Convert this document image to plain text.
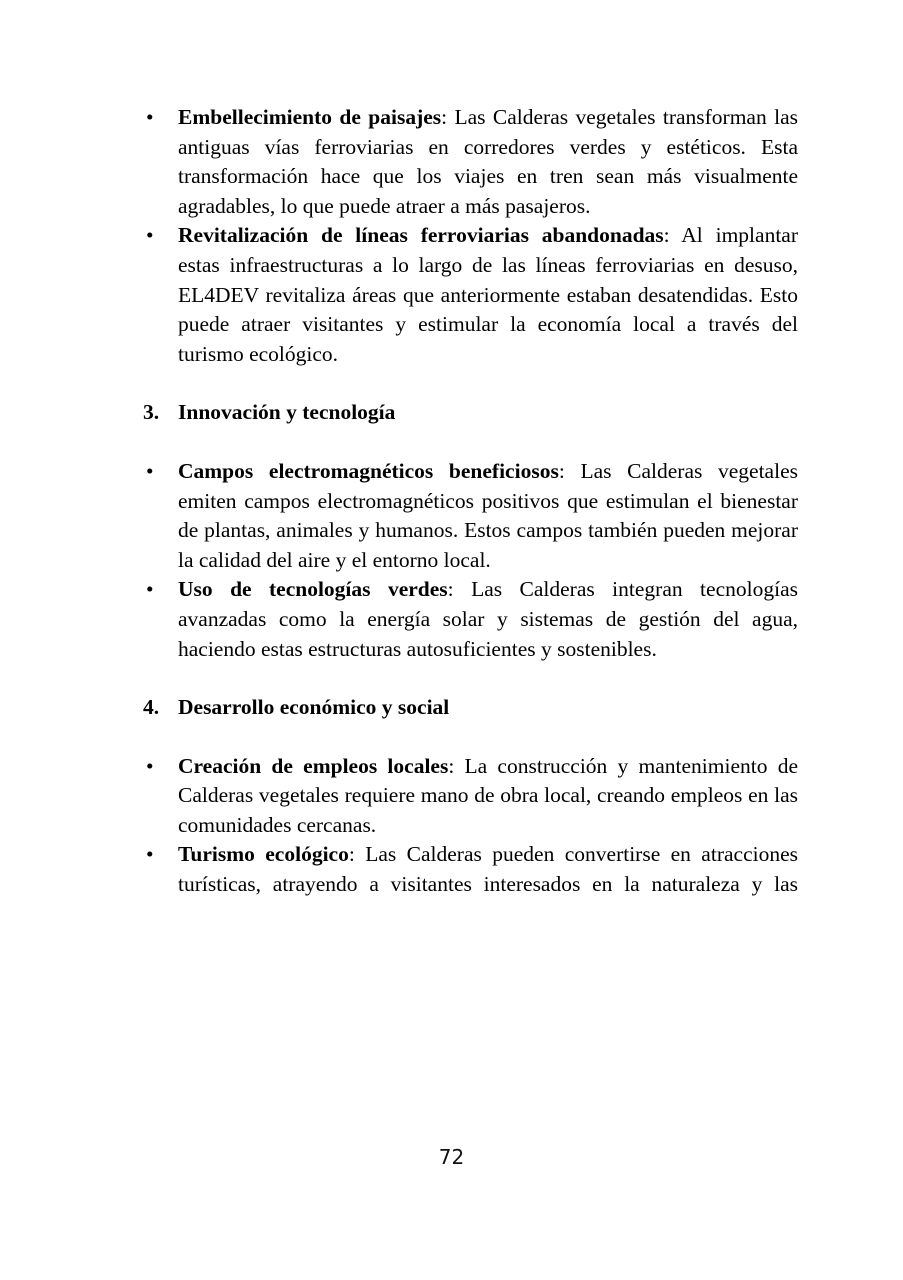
• Embellecimiento de paisajes: Las Calderas vegetales transforman las antiguas vías ferroviarias en corredores verdes y estéticos. Esta transformación hace que los viajes en tren sean más visualmente agradables, lo que puede atraer a más pasajeros.

• Revitalización de líneas ferroviarias abandonadas: Al implantar estas infraestructuras a lo largo de las líneas ferroviarias en desuso, EL4DEV revitaliza áreas que anteriormente estaban desatendidas. Esto puede atraer visitantes y estimular la economía local a través del turismo ecológico.

3. Innovación y tecnología

• Campos electromagnéticos beneficiosos: Las Calderas vegetales emiten campos electromagnéticos positivos que estimulan el bienestar de plantas, animales y humanos. Estos campos también pueden mejorar la calidad del aire y el entorno local.

• Uso de tecnologías verdes: Las Calderas integran tecnologías avanzadas como la energía solar y sistemas de gestión del agua, haciendo estas estructuras autosuficientes y sostenibles.

4. Desarrollo económico y social

• Creación de empleos locales: La construcción y mantenimiento de Calderas vegetales requiere mano de obra local, creando empleos en las comunidades cercanas.

• Turismo ecológico: Las Calderas pueden convertirse en atracciones turísticas, atrayendo a visitantes interesados en la naturaleza y las

72
